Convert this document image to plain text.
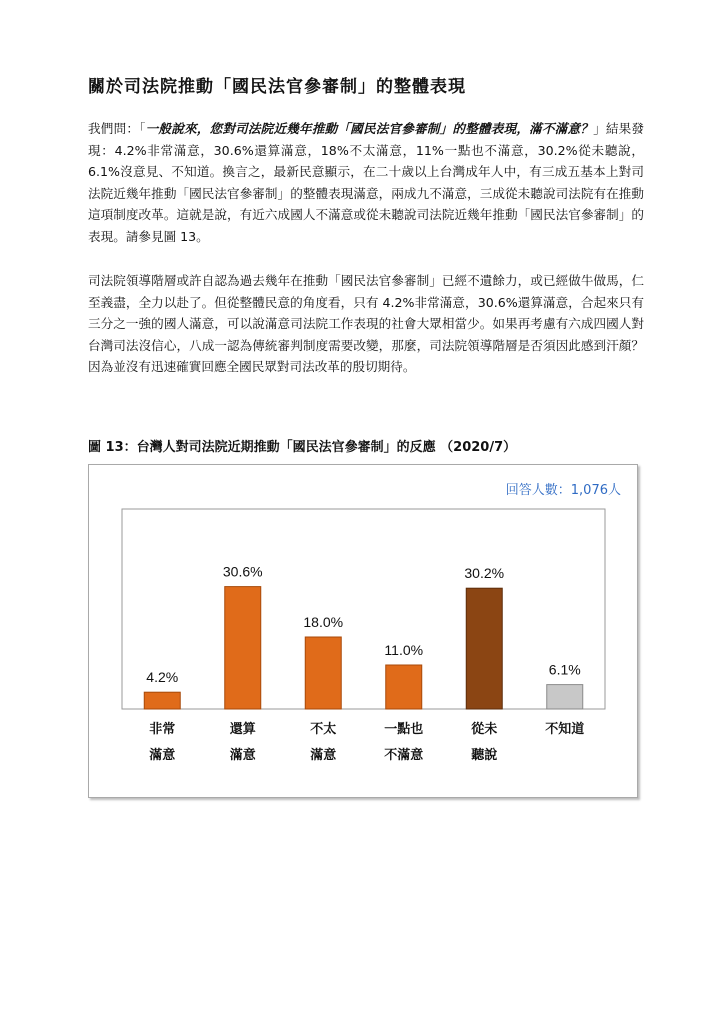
關於司法院推動「國民法官參審制」的整體表現
我們問：「一般說來，您對司法院近幾年推動「國民法官參審制」的整體表現，滿不滿意？」結果發現：4.2%非常滿意，30.6%還算滿意，18%不太滿意，11%一點也不滿意，30.2%從未聽說，6.1%沒意見、不知道。換言之，最新民意顯示，在二十歲以上台灣成年人中，有三成五基本上對司法院近幾年推動「國民法官參審制」的整體表現滿意，兩成九不滿意，三成從未聽說司法院有在推動這項制度改革。這就是說，有近六成國人不滿意或從未聽說司法院近幾年推動「國民法官參審制」的表現。請參見圖 13。
司法院領導階層或許自認為過去幾年在推動「國民法官參審制」已經不遺餘力，或已經做牛做馬，仁至義盡，全力以赴了。但從整體民意的角度看，只有 4.2%非常滿意，30.6%還算滿意，合起來只有三分之一強的國人滿意，可以說滿意司法院工作表現的社會大眾相當少。如果再考慮有六成四國人對台灣司法沒信心，八成一認為傳統審判制度需要改變，那麼，司法院領導階層是否須因此感到汗顏？因為並沒有迅速確實回應全國民眾對司法改革的殷切期待。
圖 13：台灣人對司法院近期推動「國民法官參審制」的反應 （2020/7）
回答人數：1,076人
4.2%
非常
滿意
30.6%
還算
滿意
18.0%
不太
滿意
11.0%
一點也
不滿意
30.2%
從未
聽說
6.1%
不知道
